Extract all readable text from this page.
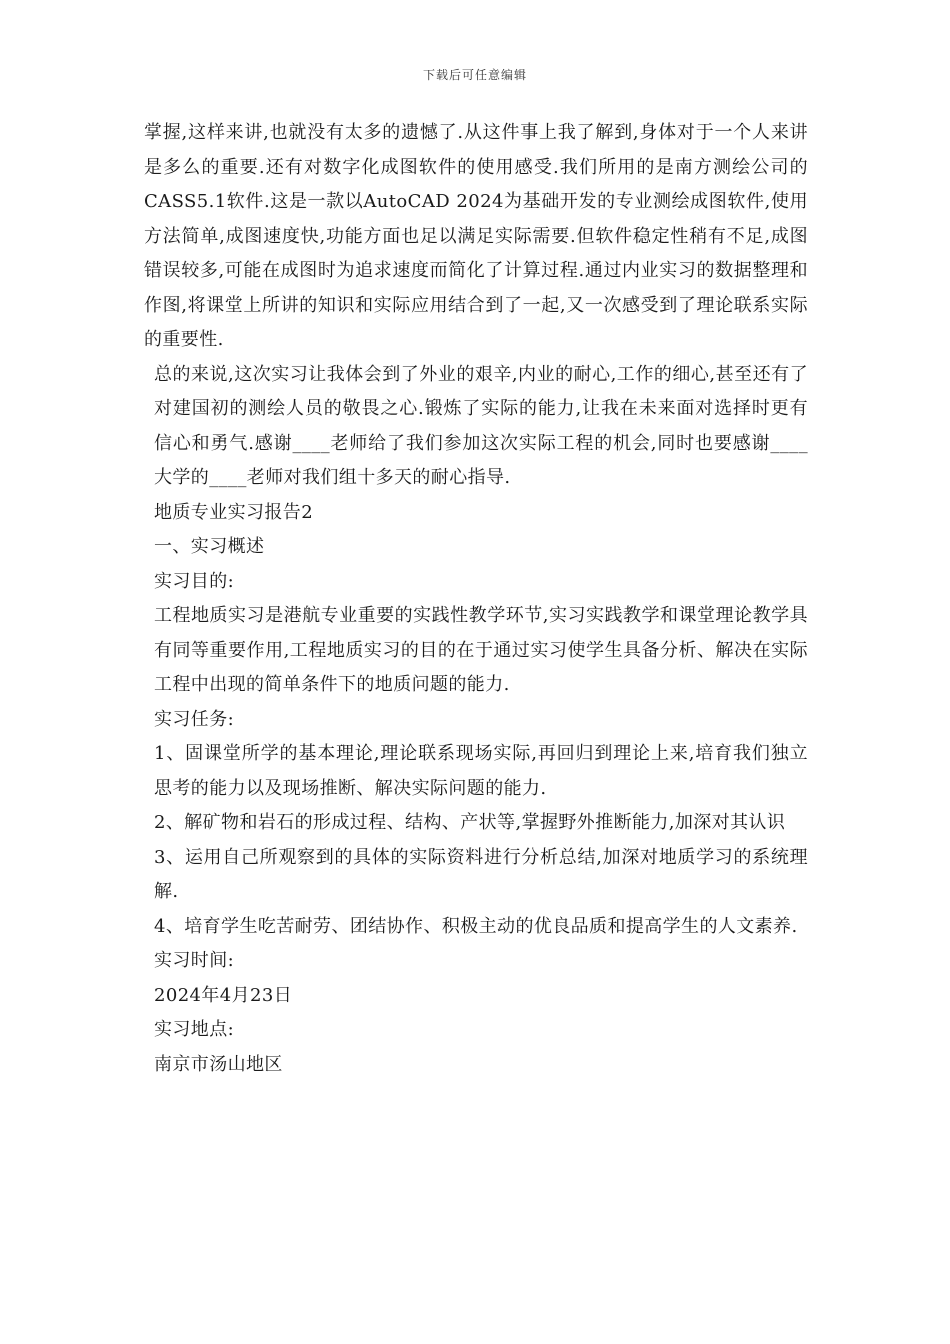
下载后可任意编辑

掌握,这样来讲,也就没有太多的遗憾了.从这件事上我了解到,身体对于一个人来讲是多么的重要.还有对数字化成图软件的使用感受.我们所用的是南方测绘公司的CASS5.1软件.这是一款以AutoCAD 2024为基础开发的专业测绘成图软件,使用方法简单,成图速度快,功能方面也足以满足实际需要.但软件稳定性稍有不足,成图错误较多,可能在成图时为追求速度而简化了计算过程.通过内业实习的数据整理和作图,将课堂上所讲的知识和实际应用结合到了一起,又一次感受到了理论联系实际的重要性.

总的来说,这次实习让我体会到了外业的艰辛,内业的耐心,工作的细心,甚至还有了对建国初的测绘人员的敬畏之心.锻炼了实际的能力,让我在未来面对选择时更有信心和勇气.感谢____老师给了我们参加这次实际工程的机会,同时也要感谢____大学的____老师对我们组十多天的耐心指导.

地质专业实习报告2

一、实习概述

实习目的:

工程地质实习是港航专业重要的实践性教学环节,实习实践教学和课堂理论教学具有同等重要作用,工程地质实习的目的在于通过实习使学生具备分析、解决在实际工程中出现的简单条件下的地质问题的能力.

实习任务:

1、固课堂所学的基本理论,理论联系现场实际,再回归到理论上来,培育我们独立思考的能力以及现场推断、解决实际问题的能力.

2、解矿物和岩石的形成过程、结构、产状等,掌握野外推断能力,加深对其认识

3、运用自己所观察到的具体的实际资料进行分析总结,加深对地质学习的系统理解.

4、培育学生吃苦耐劳、团结协作、积极主动的优良品质和提高学生的人文素养.

实习时间:

2024年4月23日

实习地点:

南京市汤山地区
